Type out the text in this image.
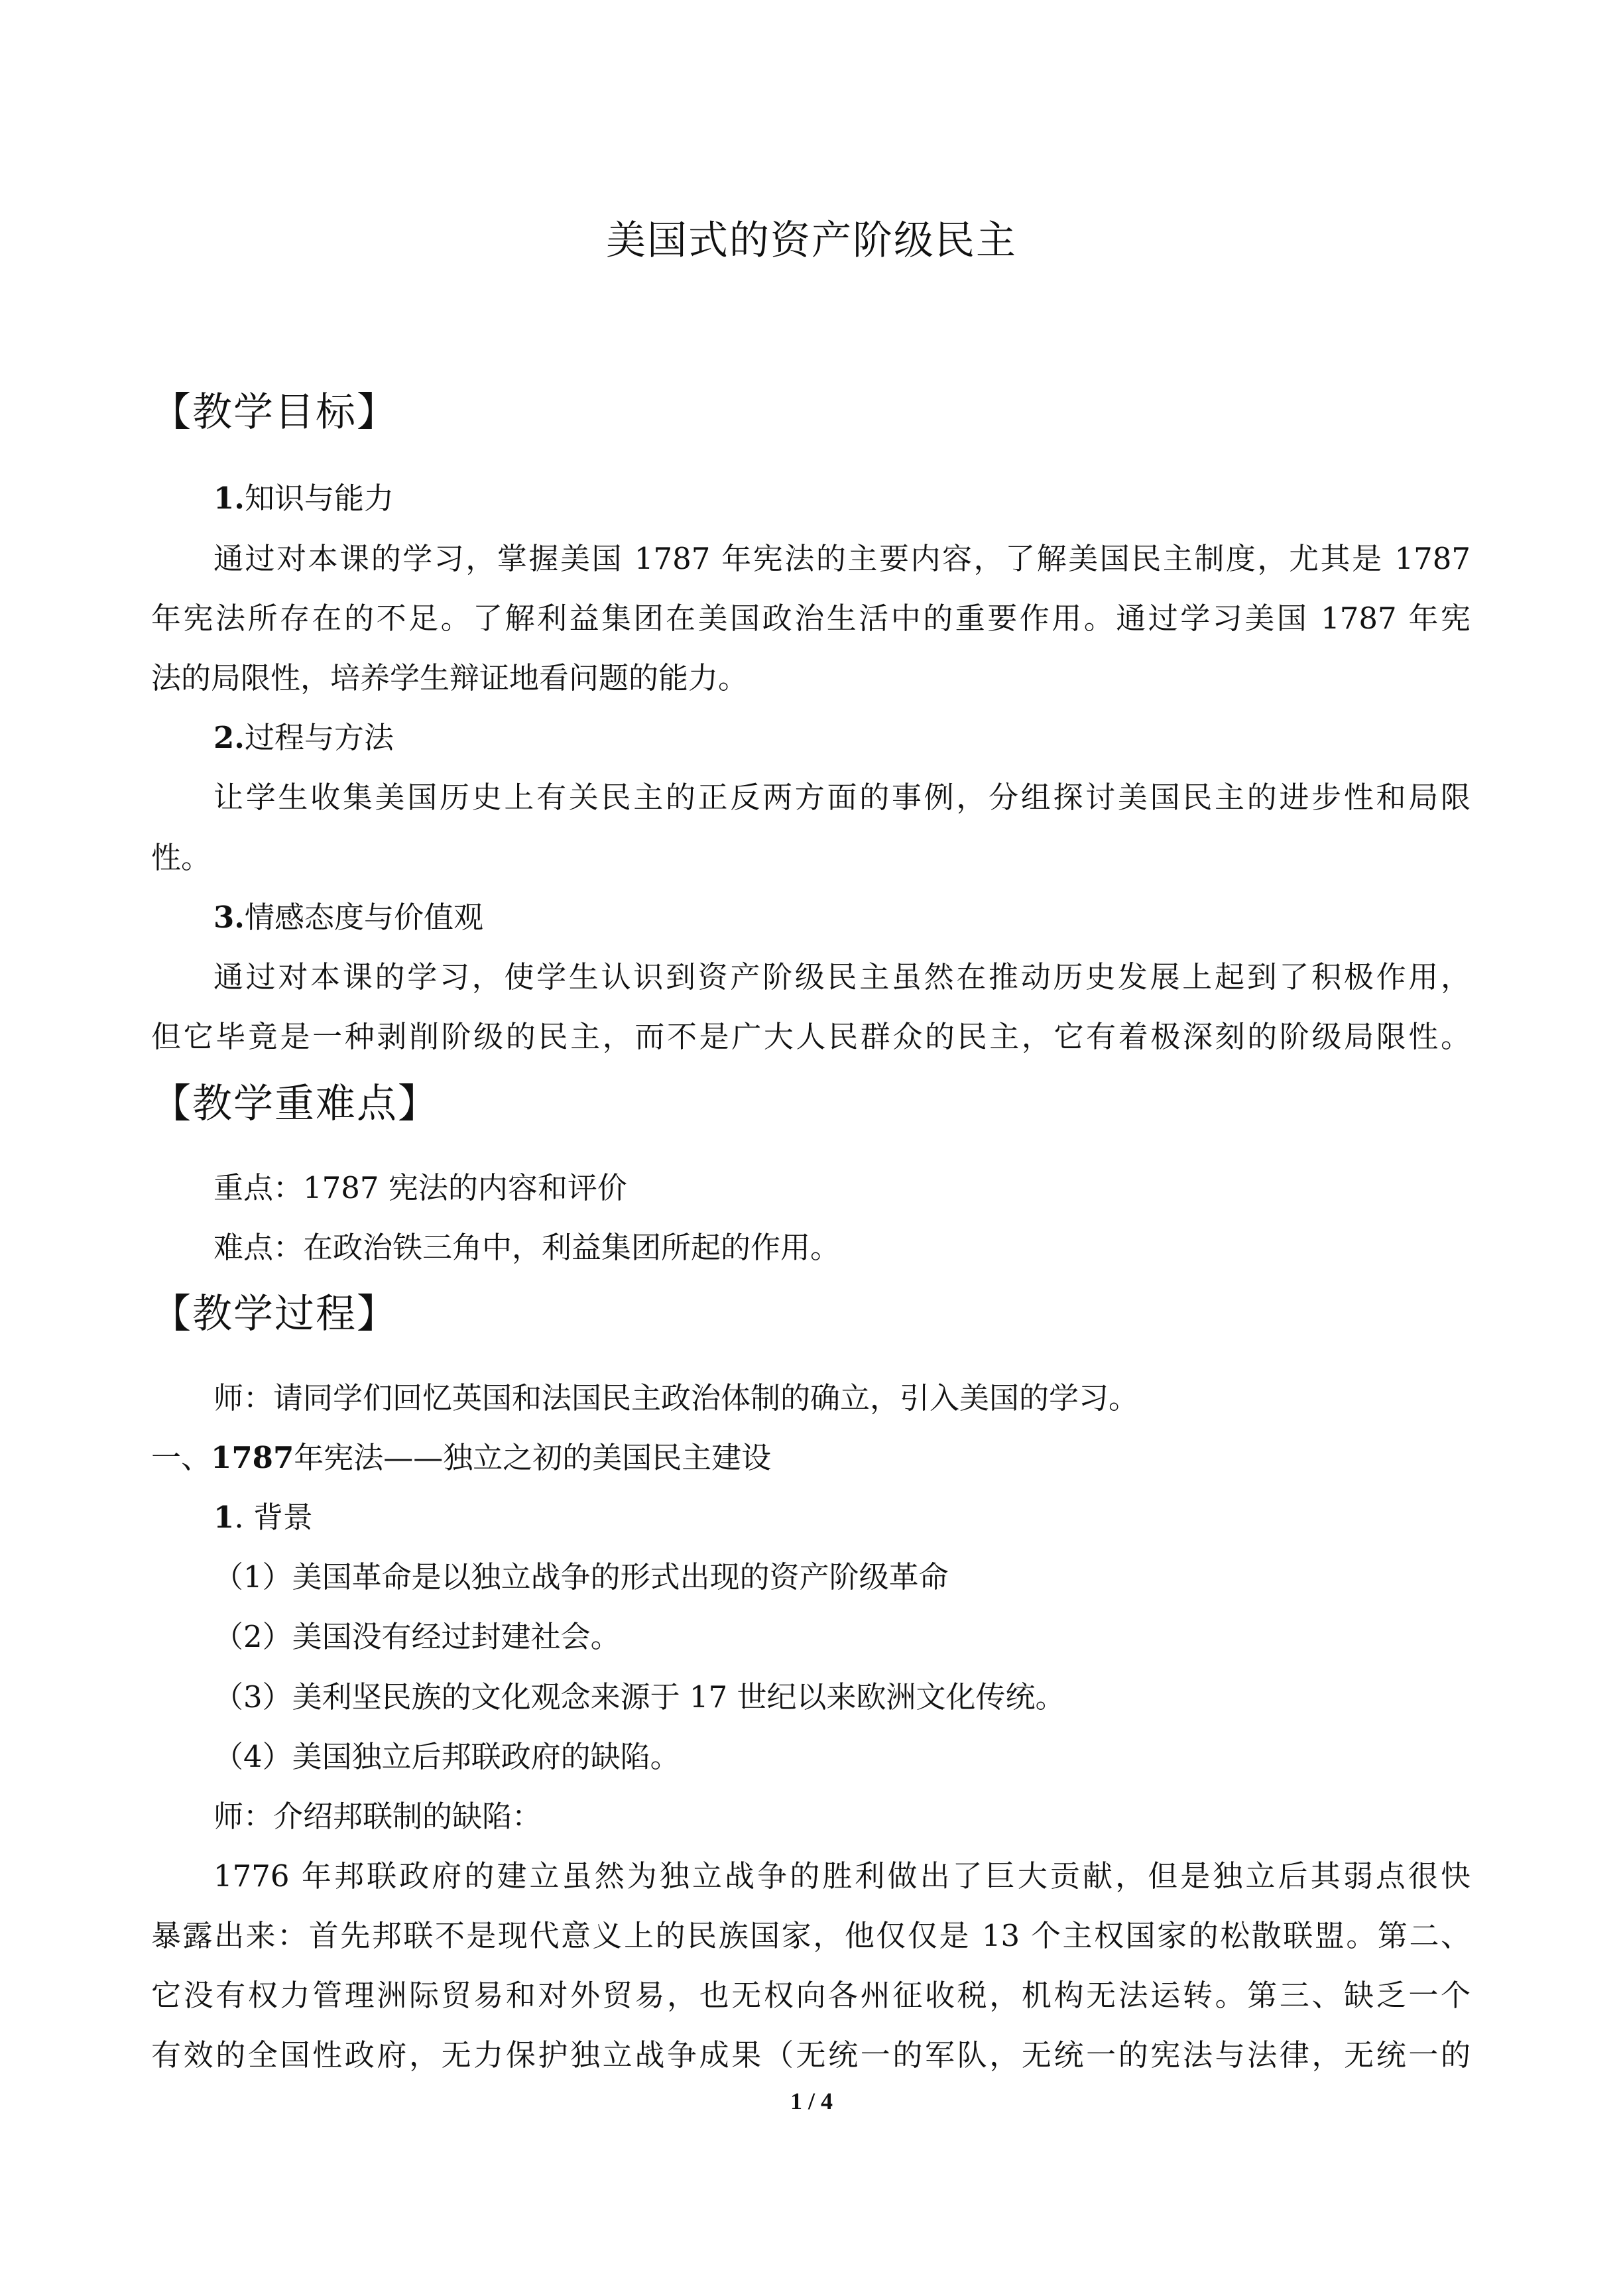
美国式的资产阶级民主
【教学目标】
1.知识与能力
通过对本课的学习，掌握美国 1787 年宪法的主要内容，了解美国民主制度，尤其是 1787
年宪法所存在的不足。了解利益集团在美国政治生活中的重要作用。通过学习美国 1787 年宪
法的局限性，培养学生辩证地看问题的能力。
2.过程与方法
让学生收集美国历史上有关民主的正反两方面的事例，分组探讨美国民主的进步性和局限
性。
3.情感态度与价值观
通过对本课的学习，使学生认识到资产阶级民主虽然在推动历史发展上起到了积极作用，
但它毕竟是一种剥削阶级的民主，而不是广大人民群众的民主，它有着极深刻的阶级局限性。
【教学重难点】
重点：1787 宪法的内容和评价
难点：在政治铁三角中，利益集团所起的作用。
【教学过程】
师：请同学们回忆英国和法国民主政治体制的确立，引入美国的学习。
一、1787年宪法——独立之初的美国民主建设
1. 背景
（1）美国革命是以独立战争的形式出现的资产阶级革命
（2）美国没有经过封建社会。
（3）美利坚民族的文化观念来源于 17 世纪以来欧洲文化传统。
（4）美国独立后邦联政府的缺陷。
师：介绍邦联制的缺陷：
1776 年邦联政府的建立虽然为独立战争的胜利做出了巨大贡献，但是独立后其弱点很快
暴露出来：首先邦联不是现代意义上的民族国家，他仅仅是 13 个主权国家的松散联盟。第二、
它没有权力管理洲际贸易和对外贸易，也无权向各州征收税，机构无法运转。第三、缺乏一个
有效的全国性政府，无力保护独立战争成果（无统一的军队，无统一的宪法与法律，无统一的
1 / 4
